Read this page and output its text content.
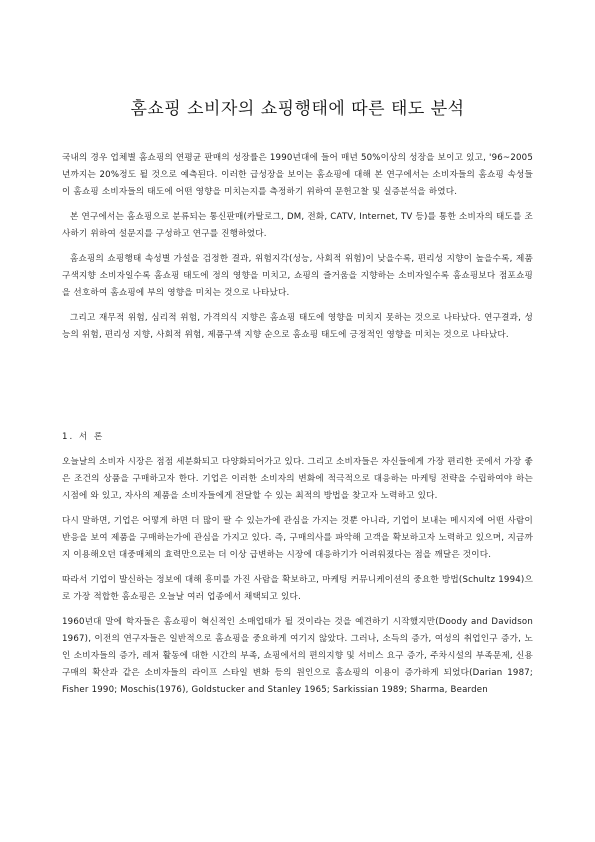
홈쇼핑 소비자의 쇼핑행태에 따른 태도 분석

국내의 경우 업체별 홈쇼핑의 연평균 판매의 성장률은 1990년대에 들어 매년 50%이상의 성장을 보이고 있고, '96~2005년까지는 20%정도 될 것으로 예측된다. 이러한 급성장을 보이는 홈쇼핑에 대해 본 연구에서는 소비자들의 홈쇼핑 속성들이 홈쇼핑 소비자들의 태도에 어떤 영향을 미치는지를 측정하기 위하여 문헌고찰 및 실증분석을 하였다.

본 연구에서는 홈쇼핑으로 분류되는 통신판매(카탈로그, DM, 전화, CATV, Internet, TV 등)를 통한 소비자의 태도를 조사하기 위하여 설문지를 구성하고 연구를 진행하였다.

홈쇼핑의 쇼핑행태 속성별 가설을 검정한 결과, 위험지각(성능, 사회적 위험)이 낮을수록, 편리성 지향이 높을수록, 제품구색지향 소비자일수록 홈쇼핑 태도에 정의 영향을 미치고, 쇼핑의 즐거움을 지향하는 소비자일수록 홈쇼핑보다 점포쇼핑을 선호하여 홈쇼핑에 부의 영향을 미치는 것으로 나타났다.

그리고 재무적 위험, 심리적 위험, 가격의식 지향은 홈쇼핑 태도에 영향을 미치지 못하는 것으로 나타났다. 연구결과, 성능의 위험, 편리성 지향, 사회적 위험, 제품구색 지향 순으로 홈쇼핑 태도에 긍정적인 영향을 미치는 것으로 나타났다.

1. 서 론

오늘날의 소비자 시장은 점점 세분화되고 다양화되어가고 있다. 그리고 소비자들은 자신들에게 가장 편리한 곳에서 가장 좋은 조건의 상품을 구매하고자 한다. 기업은 이러한 소비자의 변화에 적극적으로 대응하는 마케팅 전략을 수립하여야 하는 시점에 와 있고, 자사의 제품을 소비자들에게 전달할 수 있는 최적의 방법을 찾고자 노력하고 있다.

다시 말하면, 기업은 어떻게 하면 더 많이 팔 수 있는가에 관심을 가지는 것뿐 아니라, 기업이 보내는 메시지에 어떤 사람이 반응을 보여 제품을 구매하는가에 관심을 가지고 있다. 즉, 구매의사를 파악해 고객을 확보하고자 노력하고 있으며, 지금까지 이용해오던 대중매체의 효력만으로는 더 이상 급변하는 시장에 대응하기가 어려워졌다는 점을 깨달은 것이다.

따라서 기업이 발신하는 정보에 대해 흥미를 가진 사람을 확보하고, 마케팅 커뮤니케이션의 중요한 방법(Schultz 1994)으로 가장 적합한 홈쇼핑은 오늘날 여러 업종에서 채택되고 있다.

1960년대 말에 학자들은 홈쇼핑이 혁신적인 소매업태가 될 것이라는 것을 예견하기 시작했지만(Doody and Davidson 1967), 이전의 연구자들은 일반적으로 홈쇼핑을 중요하게 여기지 않았다. 그러나, 소득의 증가, 여성의 취업인구 증가, 노인 소비자들의 증가, 레저 활동에 대한 시간의 부족, 쇼핑에서의 편의지향 및 서비스 요구 증가, 주차시설의 부족문제, 신용구매의 확산과 같은 소비자들의 라이프 스타일 변화 등의 원인으로 홈쇼핑의 이용이 증가하게 되었다(Darian 1987; Fisher 1990; Moschis(1976), Goldstucker and Stanley 1965; Sarkissian 1989; Sharma, Bearden
